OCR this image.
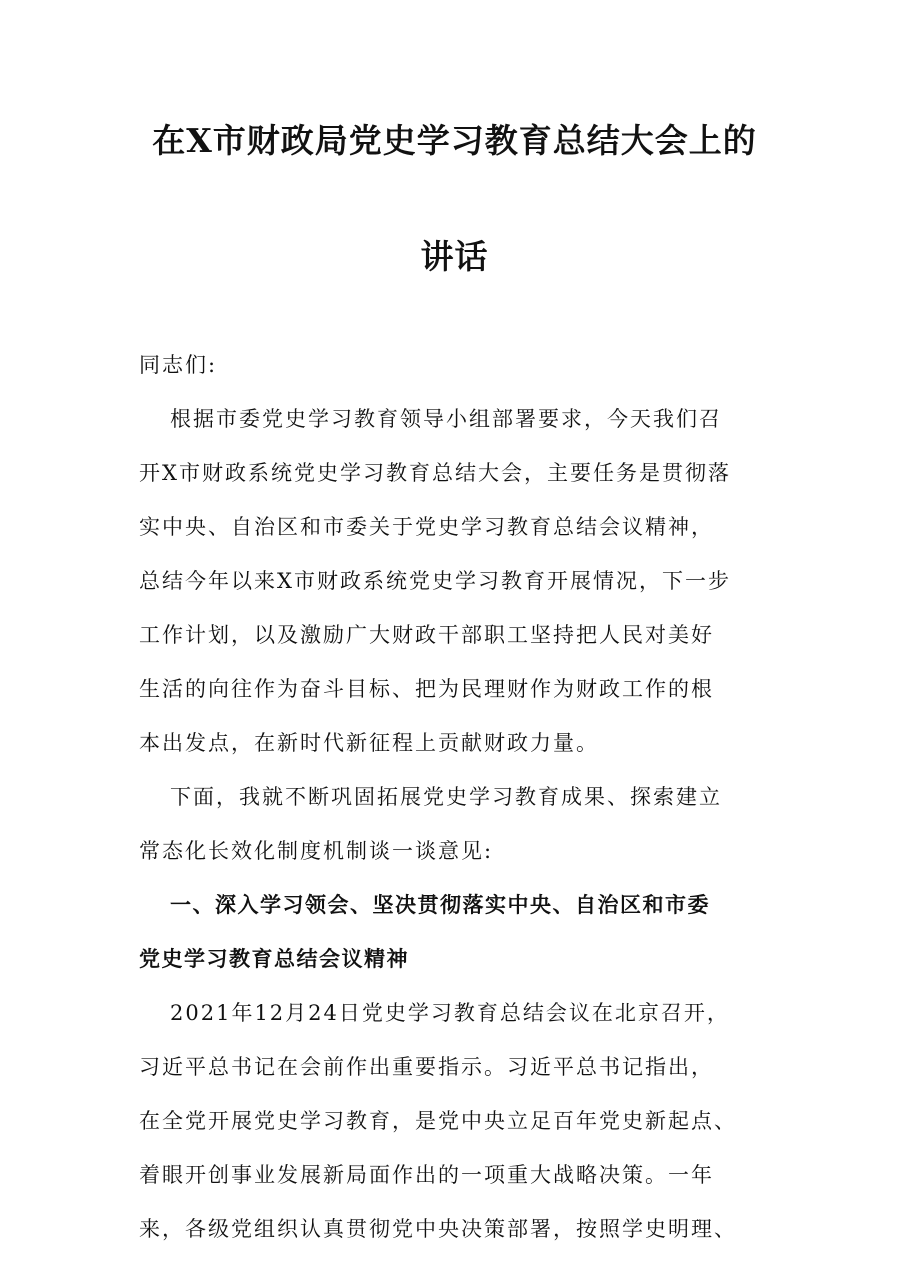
在X市财政局党史学习教育总结大会上的
讲话
同志们:
根据市委党史学习教育领导小组部署要求，今天我们召
开X市财政系统党史学习教育总结大会，主要任务是贯彻落
实中央、自治区和市委关于党史学习教育总结会议精神，
总结今年以来X市财政系统党史学习教育开展情况，下一步
工作计划，以及激励广大财政干部职工坚持把人民对美好
生活的向往作为奋斗目标、把为民理财作为财政工作的根
本出发点，在新时代新征程上贡献财政力量。
下面，我就不断巩固拓展党史学习教育成果、探索建立
常态化长效化制度机制谈一谈意见:
一、深入学习领会、坚决贯彻落实中央、自治区和市委
党史学习教育总结会议精神
2021年12月24日党史学习教育总结会议在北京召开，
习近平总书记在会前作出重要指示。习近平总书记指出，
在全党开展党史学习教育，是党中央立足百年党史新起点、
着眼开创事业发展新局面作出的一项重大战略决策。一年
来，各级党组织认真贯彻党中央决策部署，按照学史明理、
